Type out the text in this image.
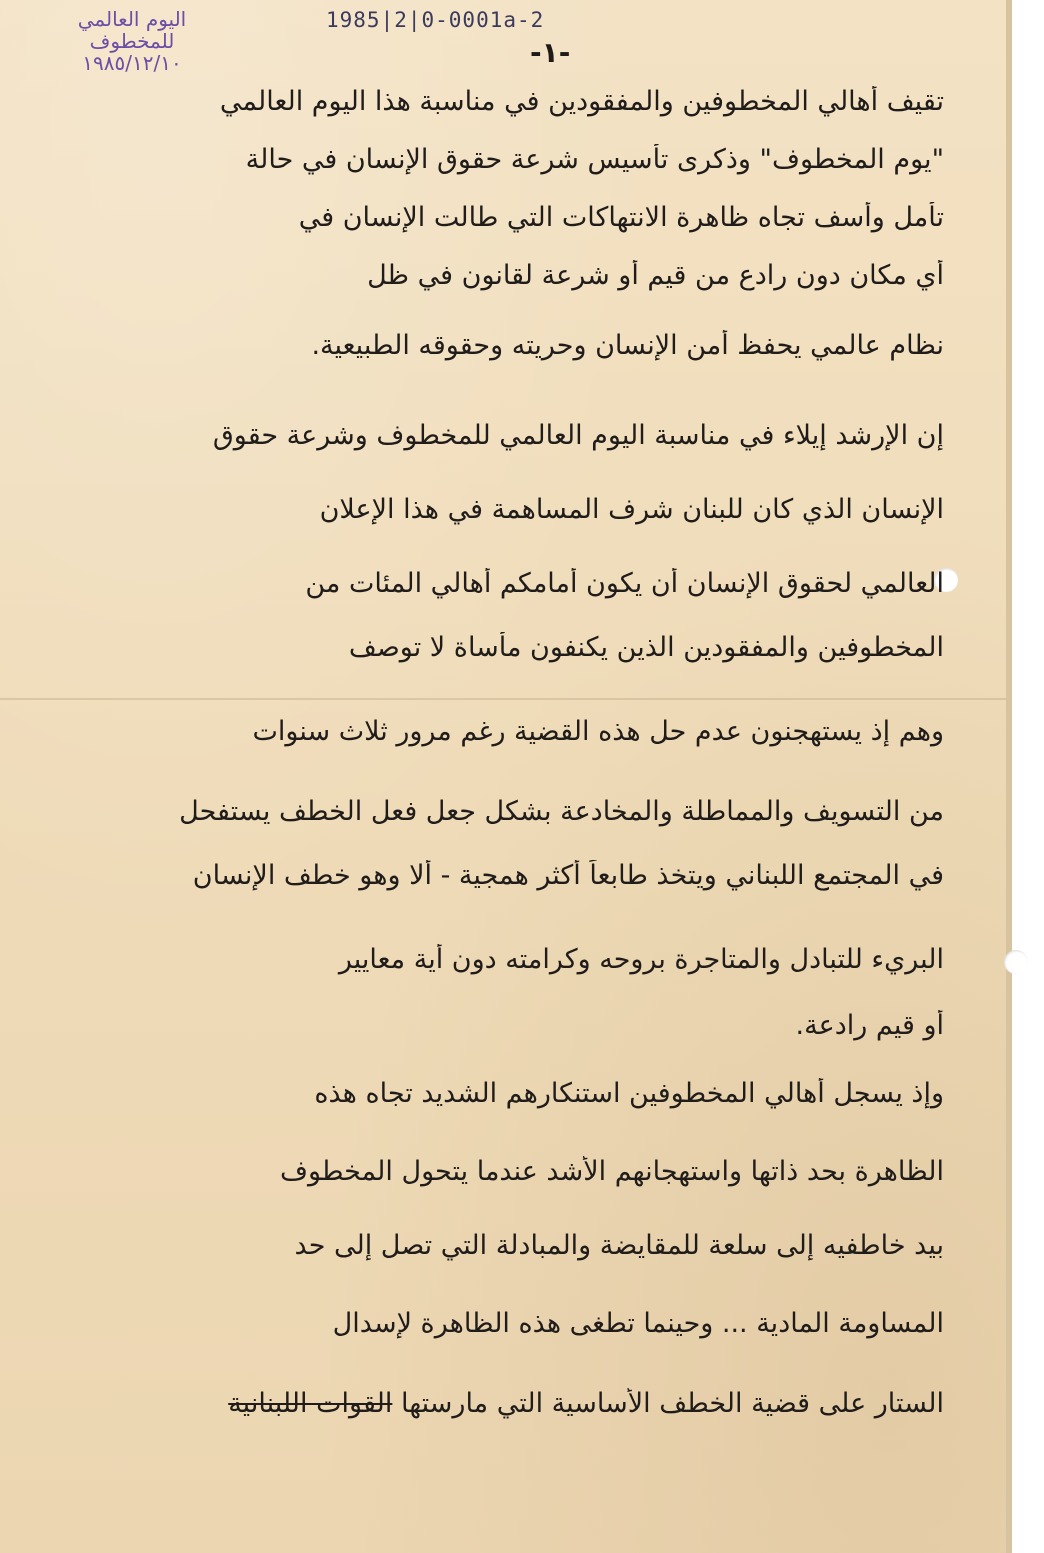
اليوم العالمي للمخطوف
١٩٨٥/١٢/١٠
1985|2|0-0001a-2
-١-
تقيف أهالي المخطوفين والمفقودين في مناسبة هذا اليوم العالمي
"يوم المخطوف" وذكرى تأسيس شرعة حقوق الإنسان في حالة
تأمل وأسف تجاه ظاهرة الانتهاكات التي طالت الإنسان في
أي مكان دون رادع من قيم أو شرعة لقانون في ظل
نظام عالمي يحفظ أمن الإنسان وحريته وحقوقه الطبيعية.
إن الإرشد إيلاء في مناسبة اليوم العالمي للمخطوف وشرعة حقوق
الإنسان الذي كان للبنان شرف المساهمة في هذا الإعلان
العالمي لحقوق الإنسان أن يكون أمامكم أهالي المئات من
المخطوفين والمفقودين الذين يكنفون مأساة لا توصف
وهم إذ يستهجنون عدم حل هذه القضية رغم مرور ثلاث سنوات
من التسويف والمماطلة والمخادعة بشكل جعل فعل الخطف يستفحل
في المجتمع اللبناني ويتخذ طابعاً أكثر همجية - ألا وهو خطف الإنسان
البريء للتبادل والمتاجرة بروحه وكرامته دون أية معايير
أو قيم رادعة.
وإذ يسجل أهالي المخطوفين استنكارهم الشديد تجاه هذه
الظاهرة بحد ذاتها واستهجانهم الأشد عندما يتحول المخطوف
بيد خاطفيه إلى سلعة للمقايضة والمبادلة التي تصل إلى حد
المساومة المادية ... وحينما تطغى هذه الظاهرة لإسدال
الستار على قضية الخطف الأساسية التي مارستها القوات اللبنانية
